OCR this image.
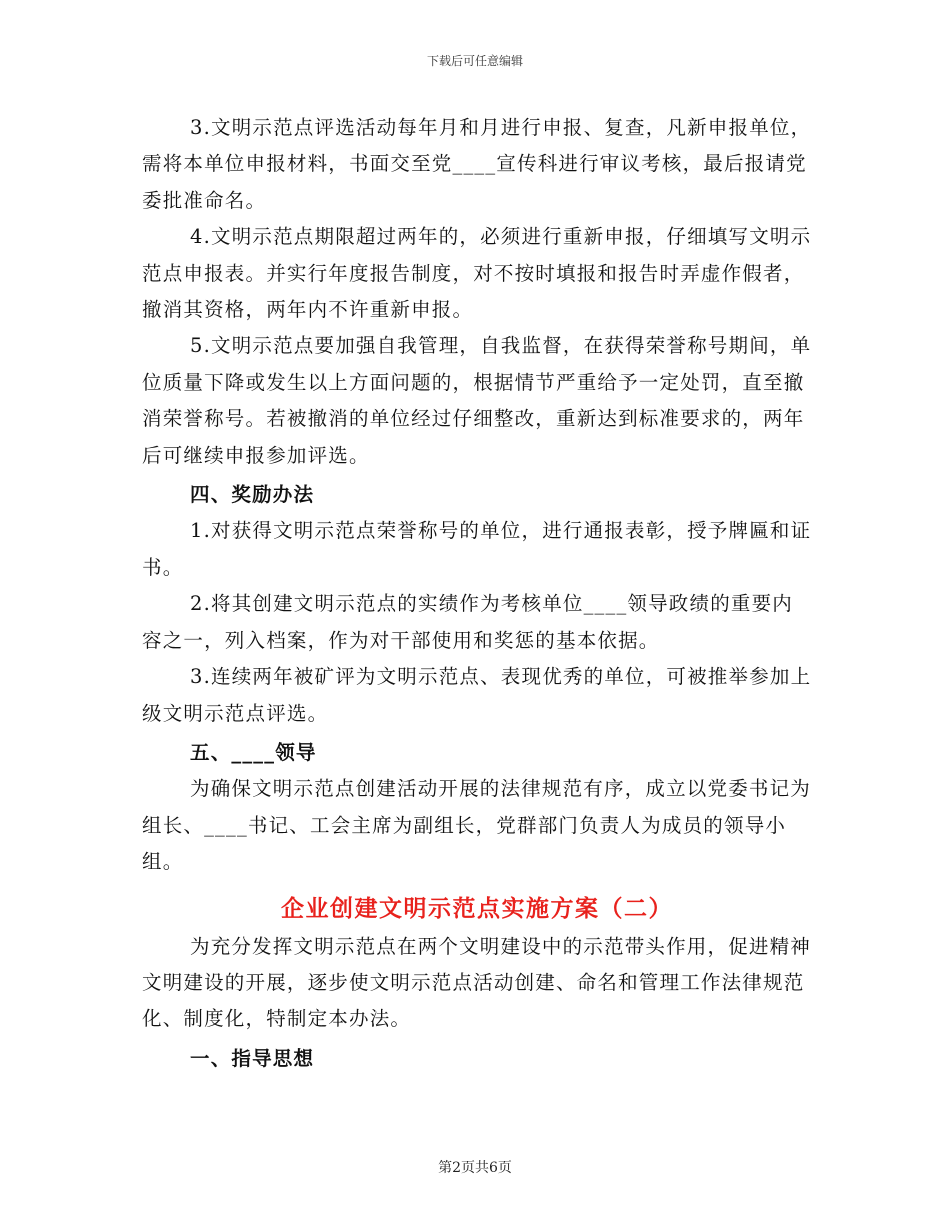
下载后可任意编辑

3.文明示范点评选活动每年月和月进行申报、复查，凡新申报单位，需将本单位申报材料，书面交至党____宣传科进行审议考核，最后报请党委批准命名。

4.文明示范点期限超过两年的，必须进行重新申报，仔细填写文明示范点申报表。并实行年度报告制度，对不按时填报和报告时弄虚作假者，撤消其资格，两年内不许重新申报。

5.文明示范点要加强自我管理，自我监督，在获得荣誉称号期间，单位质量下降或发生以上方面问题的，根据情节严重给予一定处罚，直至撤消荣誉称号。若被撤消的单位经过仔细整改，重新达到标准要求的，两年后可继续申报参加评选。

四、奖励办法

1.对获得文明示范点荣誉称号的单位，进行通报表彰，授予牌匾和证书。

2.将其创建文明示范点的实绩作为考核单位____领导政绩的重要内容之一，列入档案，作为对干部使用和奖惩的基本依据。

3.连续两年被矿评为文明示范点、表现优秀的单位，可被推举参加上级文明示范点评选。

五、____领导

为确保文明示范点创建活动开展的法律规范有序，成立以党委书记为组长、____书记、工会主席为副组长，党群部门负责人为成员的领导小组。

企业创建文明示范点实施方案（二）

为充分发挥文明示范点在两个文明建设中的示范带头作用，促进精神文明建设的开展，逐步使文明示范点活动创建、命名和管理工作法律规范化、制度化，特制定本办法。

一、指导思想

第2页共6页
